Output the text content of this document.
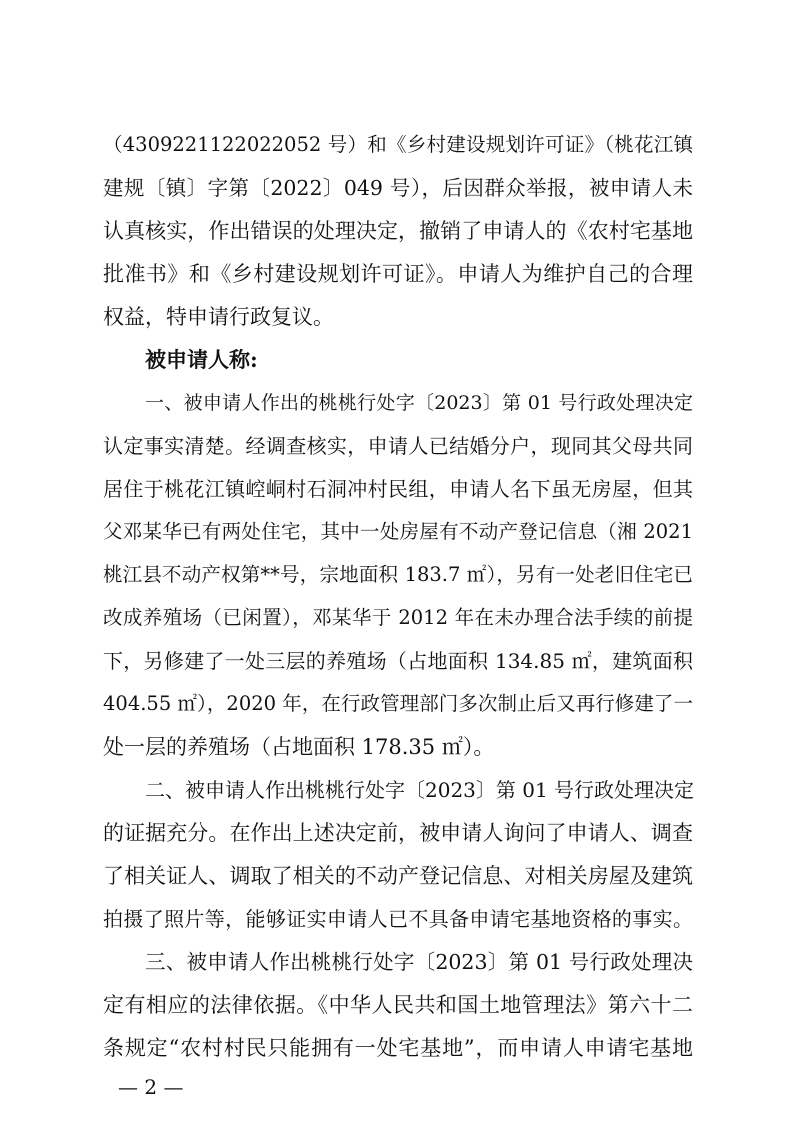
（4309221122022052 号）和《乡村建设规划许可证》（桃花江镇
建规〔镇〕字第〔2022〕049 号），后因群众举报，被申请人未
认真核实，作出错误的处理决定，撤销了申请人的《农村宅基地
批准书》和《乡村建设规划许可证》。申请人为维护自己的合理
权益，特申请行政复议。
被申请人称:
一、被申请人作出的桃桃行处字〔2023〕第 01 号行政处理决定
认定事实清楚。经调查核实，申请人已结婚分户，现同其父母共同
居住于桃花江镇崆峒村石洞冲村民组，申请人名下虽无房屋，但其
父邓某华已有两处住宅，其中一处房屋有不动产登记信息（湘 2021
桃江县不动产权第**号，宗地面积 183.7 ㎡），另有一处老旧住宅已
改成养殖场（已闲置），邓某华于 2012 年在未办理合法手续的前提
下，另修建了一处三层的养殖场（占地面积 134.85 ㎡，建筑面积
404.55 ㎡），2020 年，在行政管理部门多次制止后又再行修建了一
处一层的养殖场（占地面积 178.35 ㎡）。
二、被申请人作出桃桃行处字〔2023〕第 01 号行政处理决定
的证据充分。在作出上述决定前，被申请人询问了申请人、调查
了相关证人、调取了相关的不动产登记信息、对相关房屋及建筑
拍摄了照片等，能够证实申请人已不具备申请宅基地资格的事实。
三、被申请人作出桃桃行处字〔2023〕第 01 号行政处理决
定有相应的法律依据。《中华人民共和国土地管理法》第六十二
条规定“农村村民只能拥有一处宅基地”，而申请人申请宅基地
— 2 —
